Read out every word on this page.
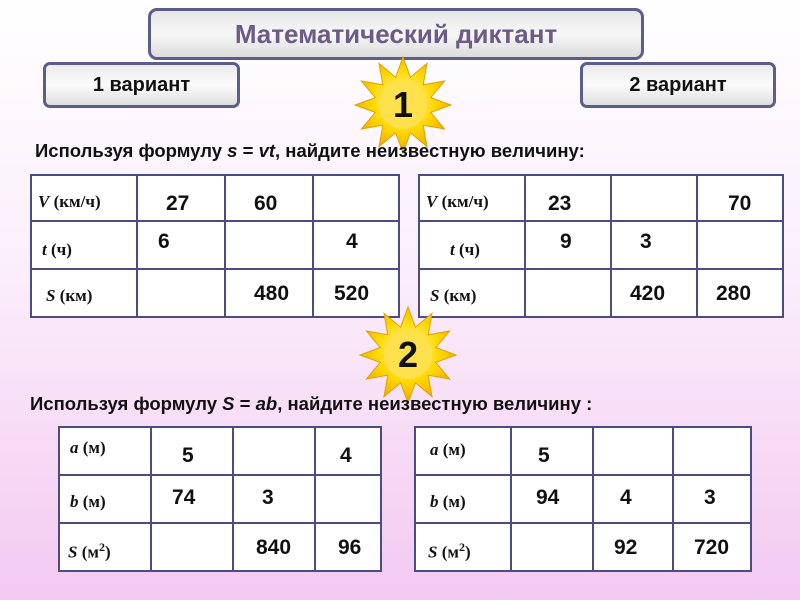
Математический диктант
1 вариант	2 вариант
1
Используя формулу s = vt, найдите неизвестную величину:
V (км/ч)	27	60	

t (ч)	6		4

S (км)		480	520
V (км/ч)	23		70

t (ч)	9	3	

S (км)		420	280
2
Используя формулу S = ab, найдите неизвестную величину :
a (м)	5		4

b (м)	74	3	

S $(м^2)$		840	96
a (м)	5		

b (м)	94	4	3

S $(м^2)$		92	720
